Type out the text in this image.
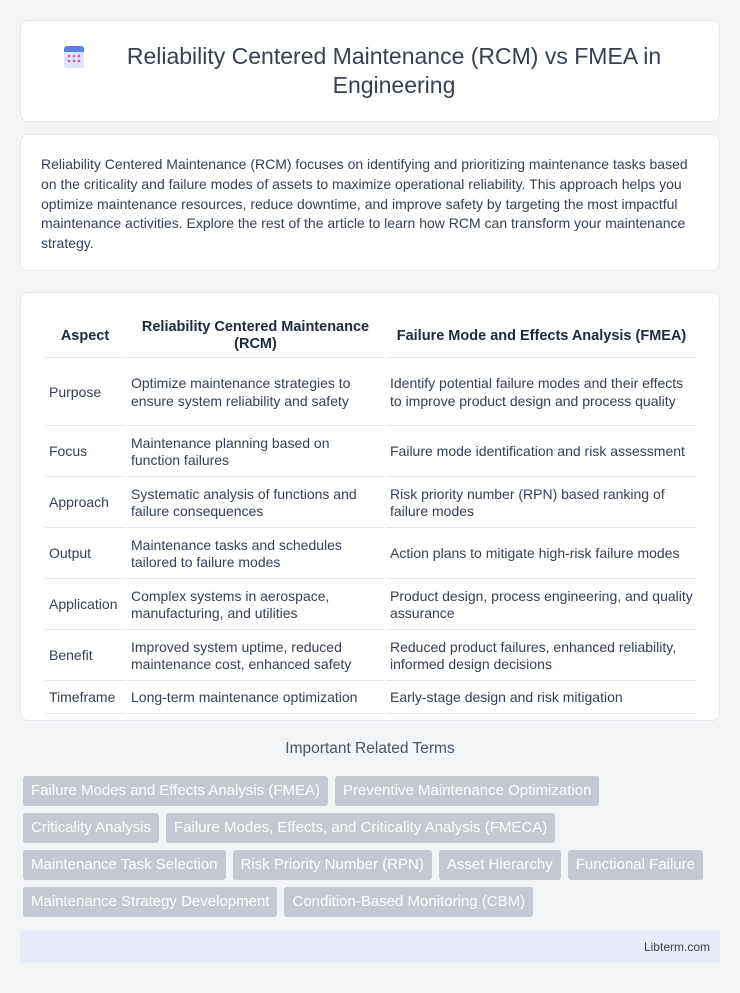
Reliability Centered Maintenance (RCM) vs FMEA in Engineering

Reliability Centered Maintenance (RCM) focuses on identifying and prioritizing maintenance tasks based on the criticality and failure modes of assets to maximize operational reliability. This approach helps you optimize maintenance resources, reduce downtime, and improve safety by targeting the most impactful maintenance activities. Explore the rest of the article to learn how RCM can transform your maintenance strategy.

Aspect	Reliability Centered Maintenance (RCM)	Failure Mode and Effects Analysis (FMEA)
Purpose	Optimize maintenance strategies to ensure system reliability and safety	Identify potential failure modes and their effects to improve product design and process quality
Focus	Maintenance planning based on function failures	Failure mode identification and risk assessment
Approach	Systematic analysis of functions and failure consequences	Risk priority number (RPN) based ranking of failure modes
Output	Maintenance tasks and schedules tailored to failure modes	Action plans to mitigate high-risk failure modes
Application	Complex systems in aerospace, manufacturing, and utilities	Product design, process engineering, and quality assurance
Benefit	Improved system uptime, reduced maintenance cost, enhanced safety	Reduced product failures, enhanced reliability, informed design decisions
Timeframe	Long-term maintenance optimization	Early-stage design and risk mitigation
Important Related Terms
Failure Modes and Effects Analysis (FMEA)	Preventive Maintenance Optimization
Criticality Analysis	Failure Modes, Effects, and Criticality Analysis (FMECA)
Maintenance Task Selection	Risk Priority Number (RPN)	Asset Hierarchy	Functional Failure
Maintenance Strategy Development	Condition-Based Monitoring (CBM)
Libterm.com
